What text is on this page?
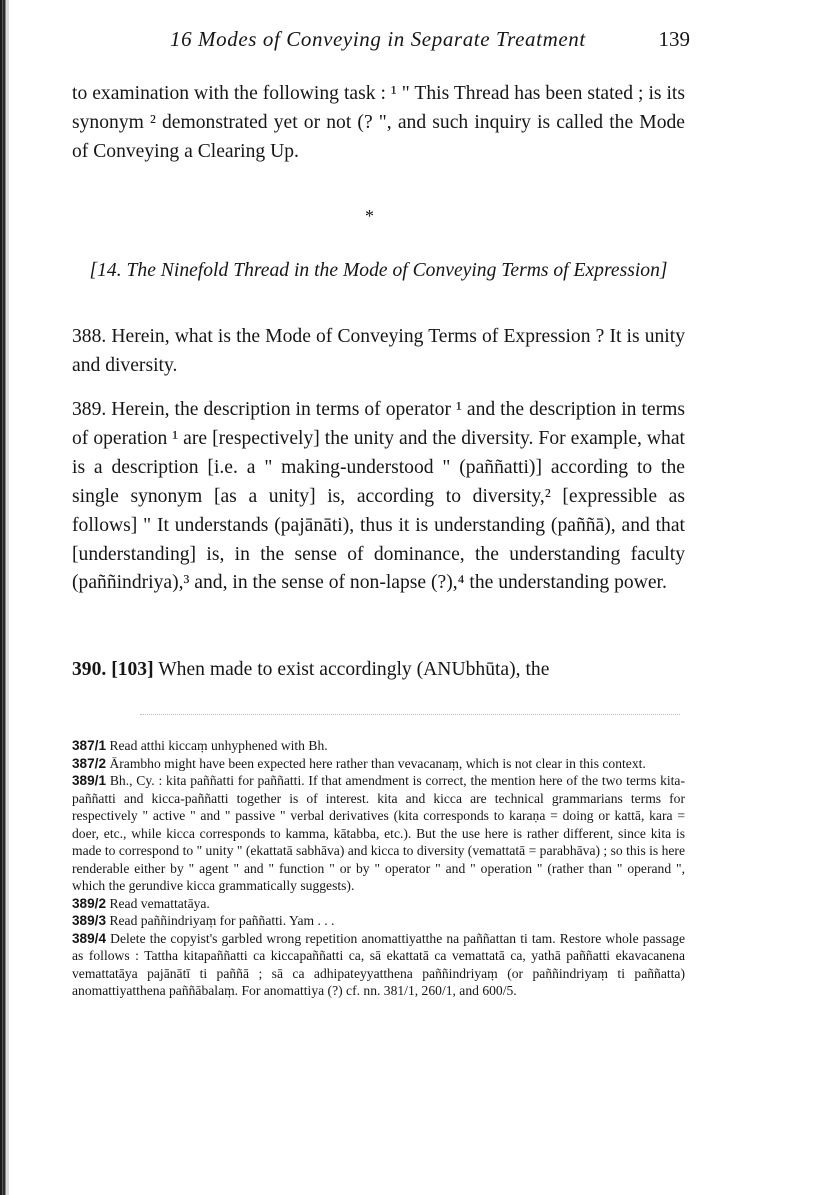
16 Modes of Conveying in Separate Treatment	139

to examination with the following task : ¹ " This Thread has been stated ; is its synonym ² demonstrated yet or not (? ", and such inquiry is called the Mode of Conveying a Clearing Up.

*

[14. The Ninefold Thread in the Mode of Conveying Terms of Expression]

388. Herein, what is the Mode of Conveying Terms of Expression ? It is unity and diversity.

389. Herein, the description in terms of operator ¹ and the description in terms of operation ¹ are [respectively] the unity and the diversity. For example, what is a description [i.e. a " making-understood " (paññatti)] according to the single synonym [as a unity] is, according to diversity,² [expressible as follows] " It understands (pajānāti), thus it is understanding (paññā), and that [understanding] is, in the sense of dominance, the understanding faculty (paññindriya),³ and, in the sense of non-lapse (?),⁴ the understanding power.

390. [103] When made to exist accordingly (ANUbhūta), the

387/1 Read atthi kiccaṃ unhyphened with Bh.

387/2 Ārambho might have been expected here rather than vevacanaṃ, which is not clear in this context.

389/1 Bh., Cy. : kita paññatti for paññatti. If that amendment is correct, the mention here of the two terms kita-paññatti and kicca-paññatti together is of interest. kita and kicca are technical grammarians terms for respectively " active " and " passive " verbal derivatives (kita corresponds to karaṇa = doing or kattā, kara = doer, etc., while kicca corresponds to kamma, kātabba, etc.). But the use here is rather different, since kita is made to correspond to " unity " (ekattatā sabhāva) and kicca to diversity (vemattatā = parabhāva) ; so this is here renderable either by " agent " and " function " or by " operator " and " operation " (rather than " operand ", which the gerundive kicca grammatically suggests).

389/2 Read vemattatāya.

389/3 Read paññindriyaṃ for paññatti. Yam . . .

389/4 Delete the copyist's garbled wrong repetition anomattiyatthe na paññattan ti tam. Restore whole passage as follows : Tattha kitapaññatti ca kiccapaññatti ca, sā ekattatā ca vemattatā ca, yathā paññatti ekavacanena vemattatāya pajānātī ti paññā ; sā ca adhipateyyatthena paññindriyaṃ (or paññindriyaṃ ti paññatta) anomattiyatthena paññābalaṃ. For anomattiya (?) cf. nn. 381/1, 260/1, and 600/5.
